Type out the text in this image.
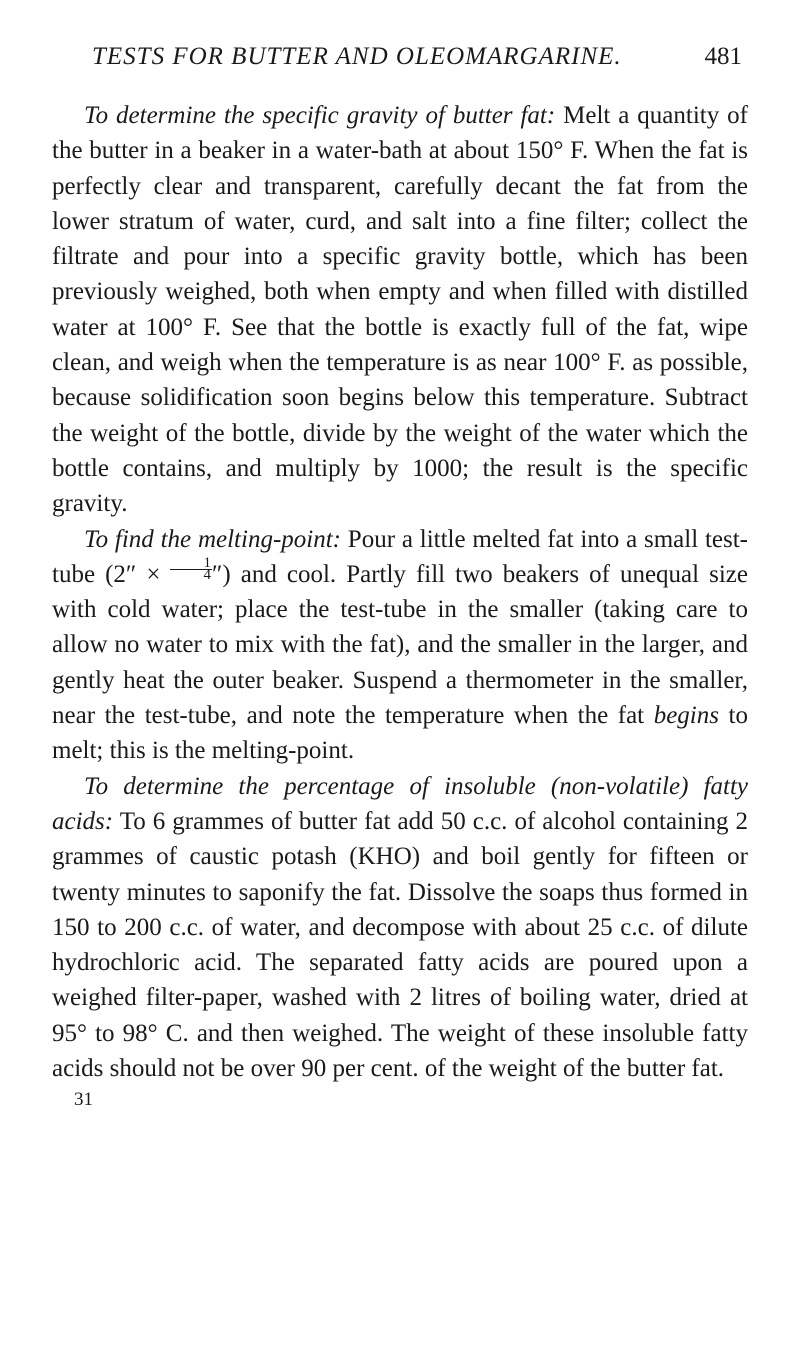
TESTS FOR BUTTER AND OLEOMARGARINE.	481

To determine the specific gravity of butter fat: Melt a quantity of the butter in a beaker in a water-bath at about 150° F. When the fat is perfectly clear and transparent, carefully decant the fat from the lower stratum of water, curd, and salt into a fine filter; collect the filtrate and pour into a specific gravity bottle, which has been previously weighed, both when empty and when filled with distilled water at 100° F. See that the bottle is exactly full of the fat, wipe clean, and weigh when the temperature is as near 100° F. as possible, because solidification soon begins below this temperature. Subtract the weight of the bottle, divide by the weight of the water which the bottle contains, and multiply by 1000; the result is the specific gravity.

To find the melting-point: Pour a little melted fat into a small test-tube ($2'' \times \frac{1}{4}$ ″) and cool. Partly fill two beakers of unequal size with cold water; place the test-tube in the smaller (taking care to allow no water to mix with the fat), and the smaller in the larger, and gently heat the outer beaker. Suspend a thermometer in the smaller, near the test-tube, and note the temperature when the fat begins to melt; this is the melting-point.

To determine the percentage of insoluble (non-volatile) fatty acids: To 6 grammes of butter fat add 50 c.c. of alcohol containing 2 grammes of caustic potash (KHO) and boil gently for fifteen or twenty minutes to saponify the fat. Dissolve the soaps thus formed in 150 to 200 c.c. of water, and decompose with about 25 c.c. of dilute hydrochloric acid. The separated fatty acids are poured upon a weighed filter-paper, washed with 2 litres of boiling water, dried at 95° to 98° C. and then weighed. The weight of these insoluble fatty acids should not be over 90 per cent. of the weight of the butter fat.

31
